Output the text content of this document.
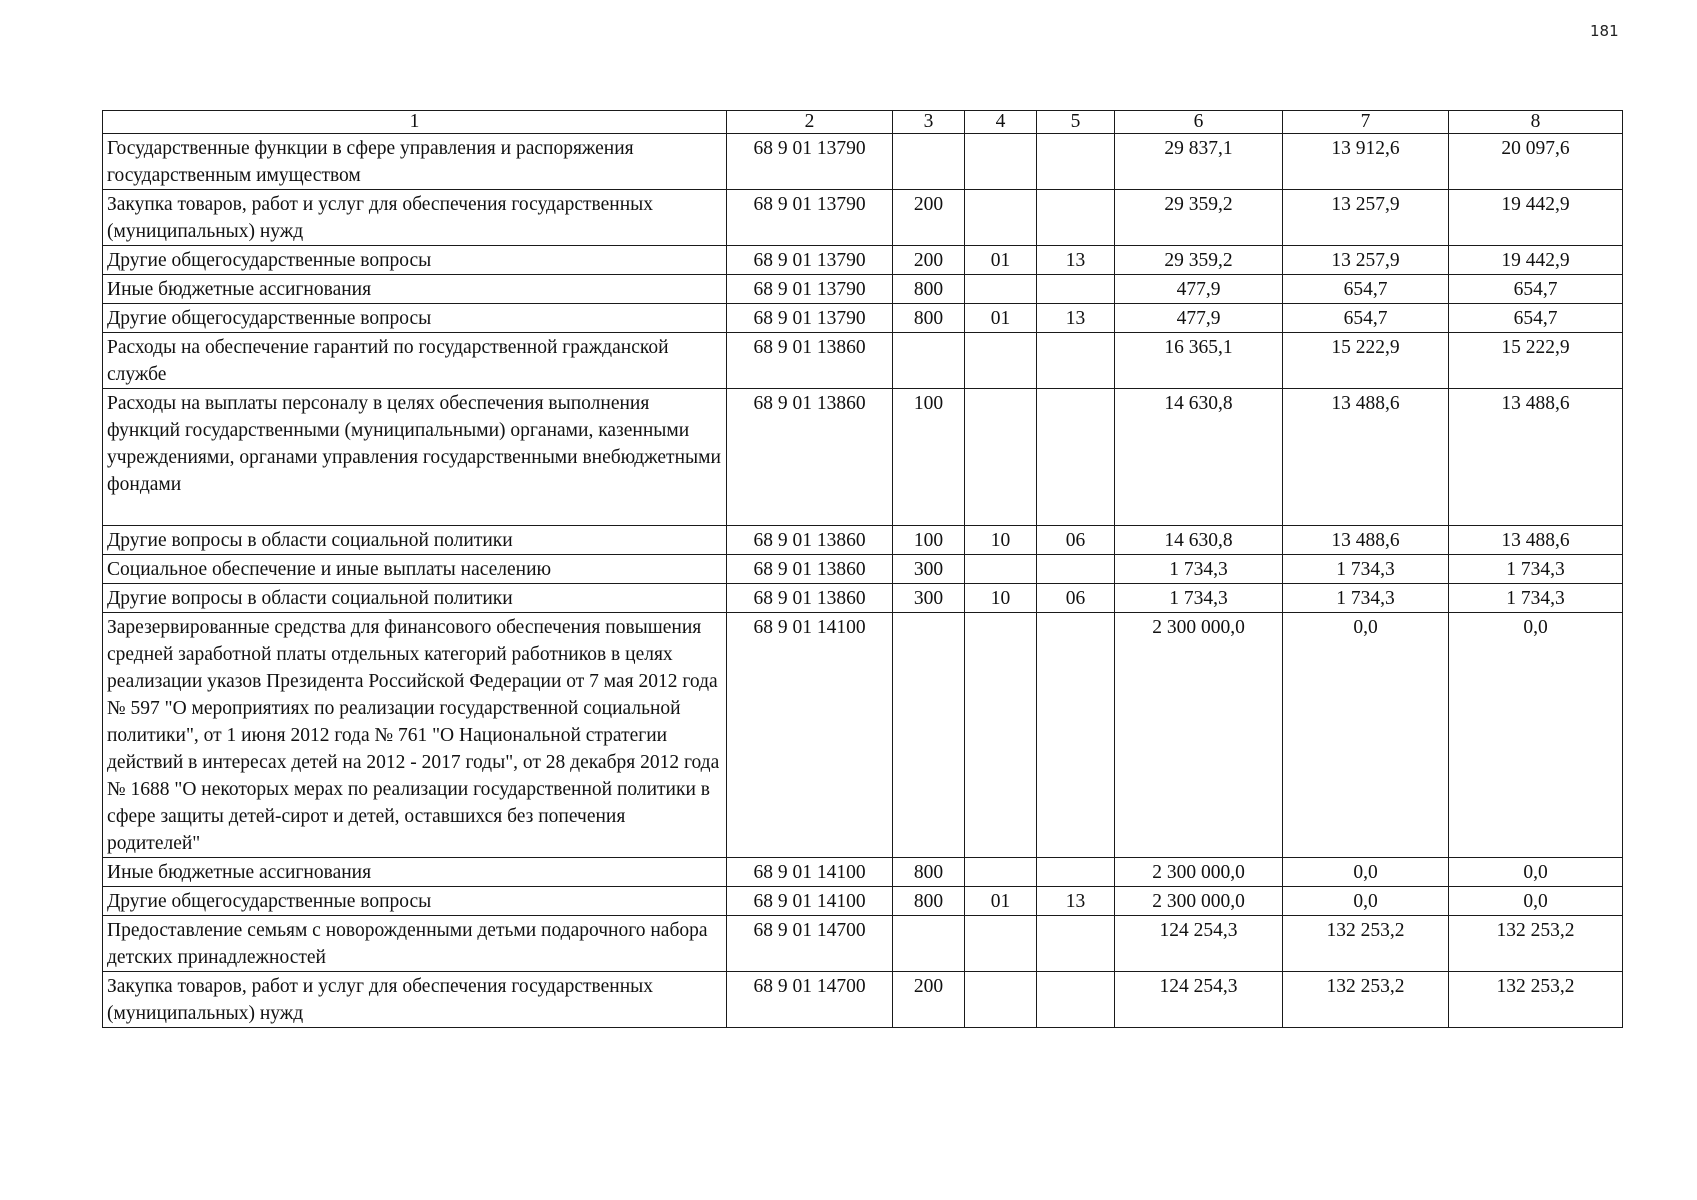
181
1	2	3	4	5	6	7	8
Государственные функции в сфере управления и распоряжения государственным имуществом	68 9 01 13790				29 837,1	13 912,6	20 097,6
Закупка товаров, работ и услуг для обеспечения государственных (муниципальных) нужд	68 9 01 13790	200			29 359,2	13 257,9	19 442,9
Другие общегосударственные вопросы	68 9 01 13790	200	01	13	29 359,2	13 257,9	19 442,9
Иные бюджетные ассигнования	68 9 01 13790	800			477,9	654,7	654,7
Другие общегосударственные вопросы	68 9 01 13790	800	01	13	477,9	654,7	654,7
Расходы на обеспечение гарантий по государственной гражданской службе	68 9 01 13860				16 365,1	15 222,9	15 222,9
Расходы на выплаты персоналу в целях обеспечения выполнения функций государственными (муниципальными) органами, казенными учреждениями, органами управления государственными внебюджетными фондами	68 9 01 13860	100			14 630,8	13 488,6	13 488,6
Другие вопросы в области социальной политики	68 9 01 13860	100	10	06	14 630,8	13 488,6	13 488,6
Социальное обеспечение и иные выплаты населению	68 9 01 13860	300			1 734,3	1 734,3	1 734,3
Другие вопросы в области социальной политики	68 9 01 13860	300	10	06	1 734,3	1 734,3	1 734,3
Зарезервированные средства для финансового обеспечения повышения средней заработной платы отдельных категорий работников в целях реализации указов Президента Российской Федерации от 7 мая 2012 года № 597 "О мероприятиях по реализации государственной социальной политики", от 1 июня 2012 года № 761 "О Национальной стратегии действий в интересах детей на 2012 - 2017 годы", от 28 декабря 2012 года № 1688 "О некоторых мерах по реализации государственной политики в сфере защиты детей-сирот и детей, оставшихся без попечения родителей"	68 9 01 14100				2 300 000,0	0,0	0,0
Иные бюджетные ассигнования	68 9 01 14100	800			2 300 000,0	0,0	0,0
Другие общегосударственные вопросы	68 9 01 14100	800	01	13	2 300 000,0	0,0	0,0
Предоставление семьям с новорожденными детьми подарочного набора детских принадлежностей	68 9 01 14700				124 254,3	132 253,2	132 253,2
Закупка товаров, работ и услуг для обеспечения государственных (муниципальных) нужд	68 9 01 14700	200			124 254,3	132 253,2	132 253,2
